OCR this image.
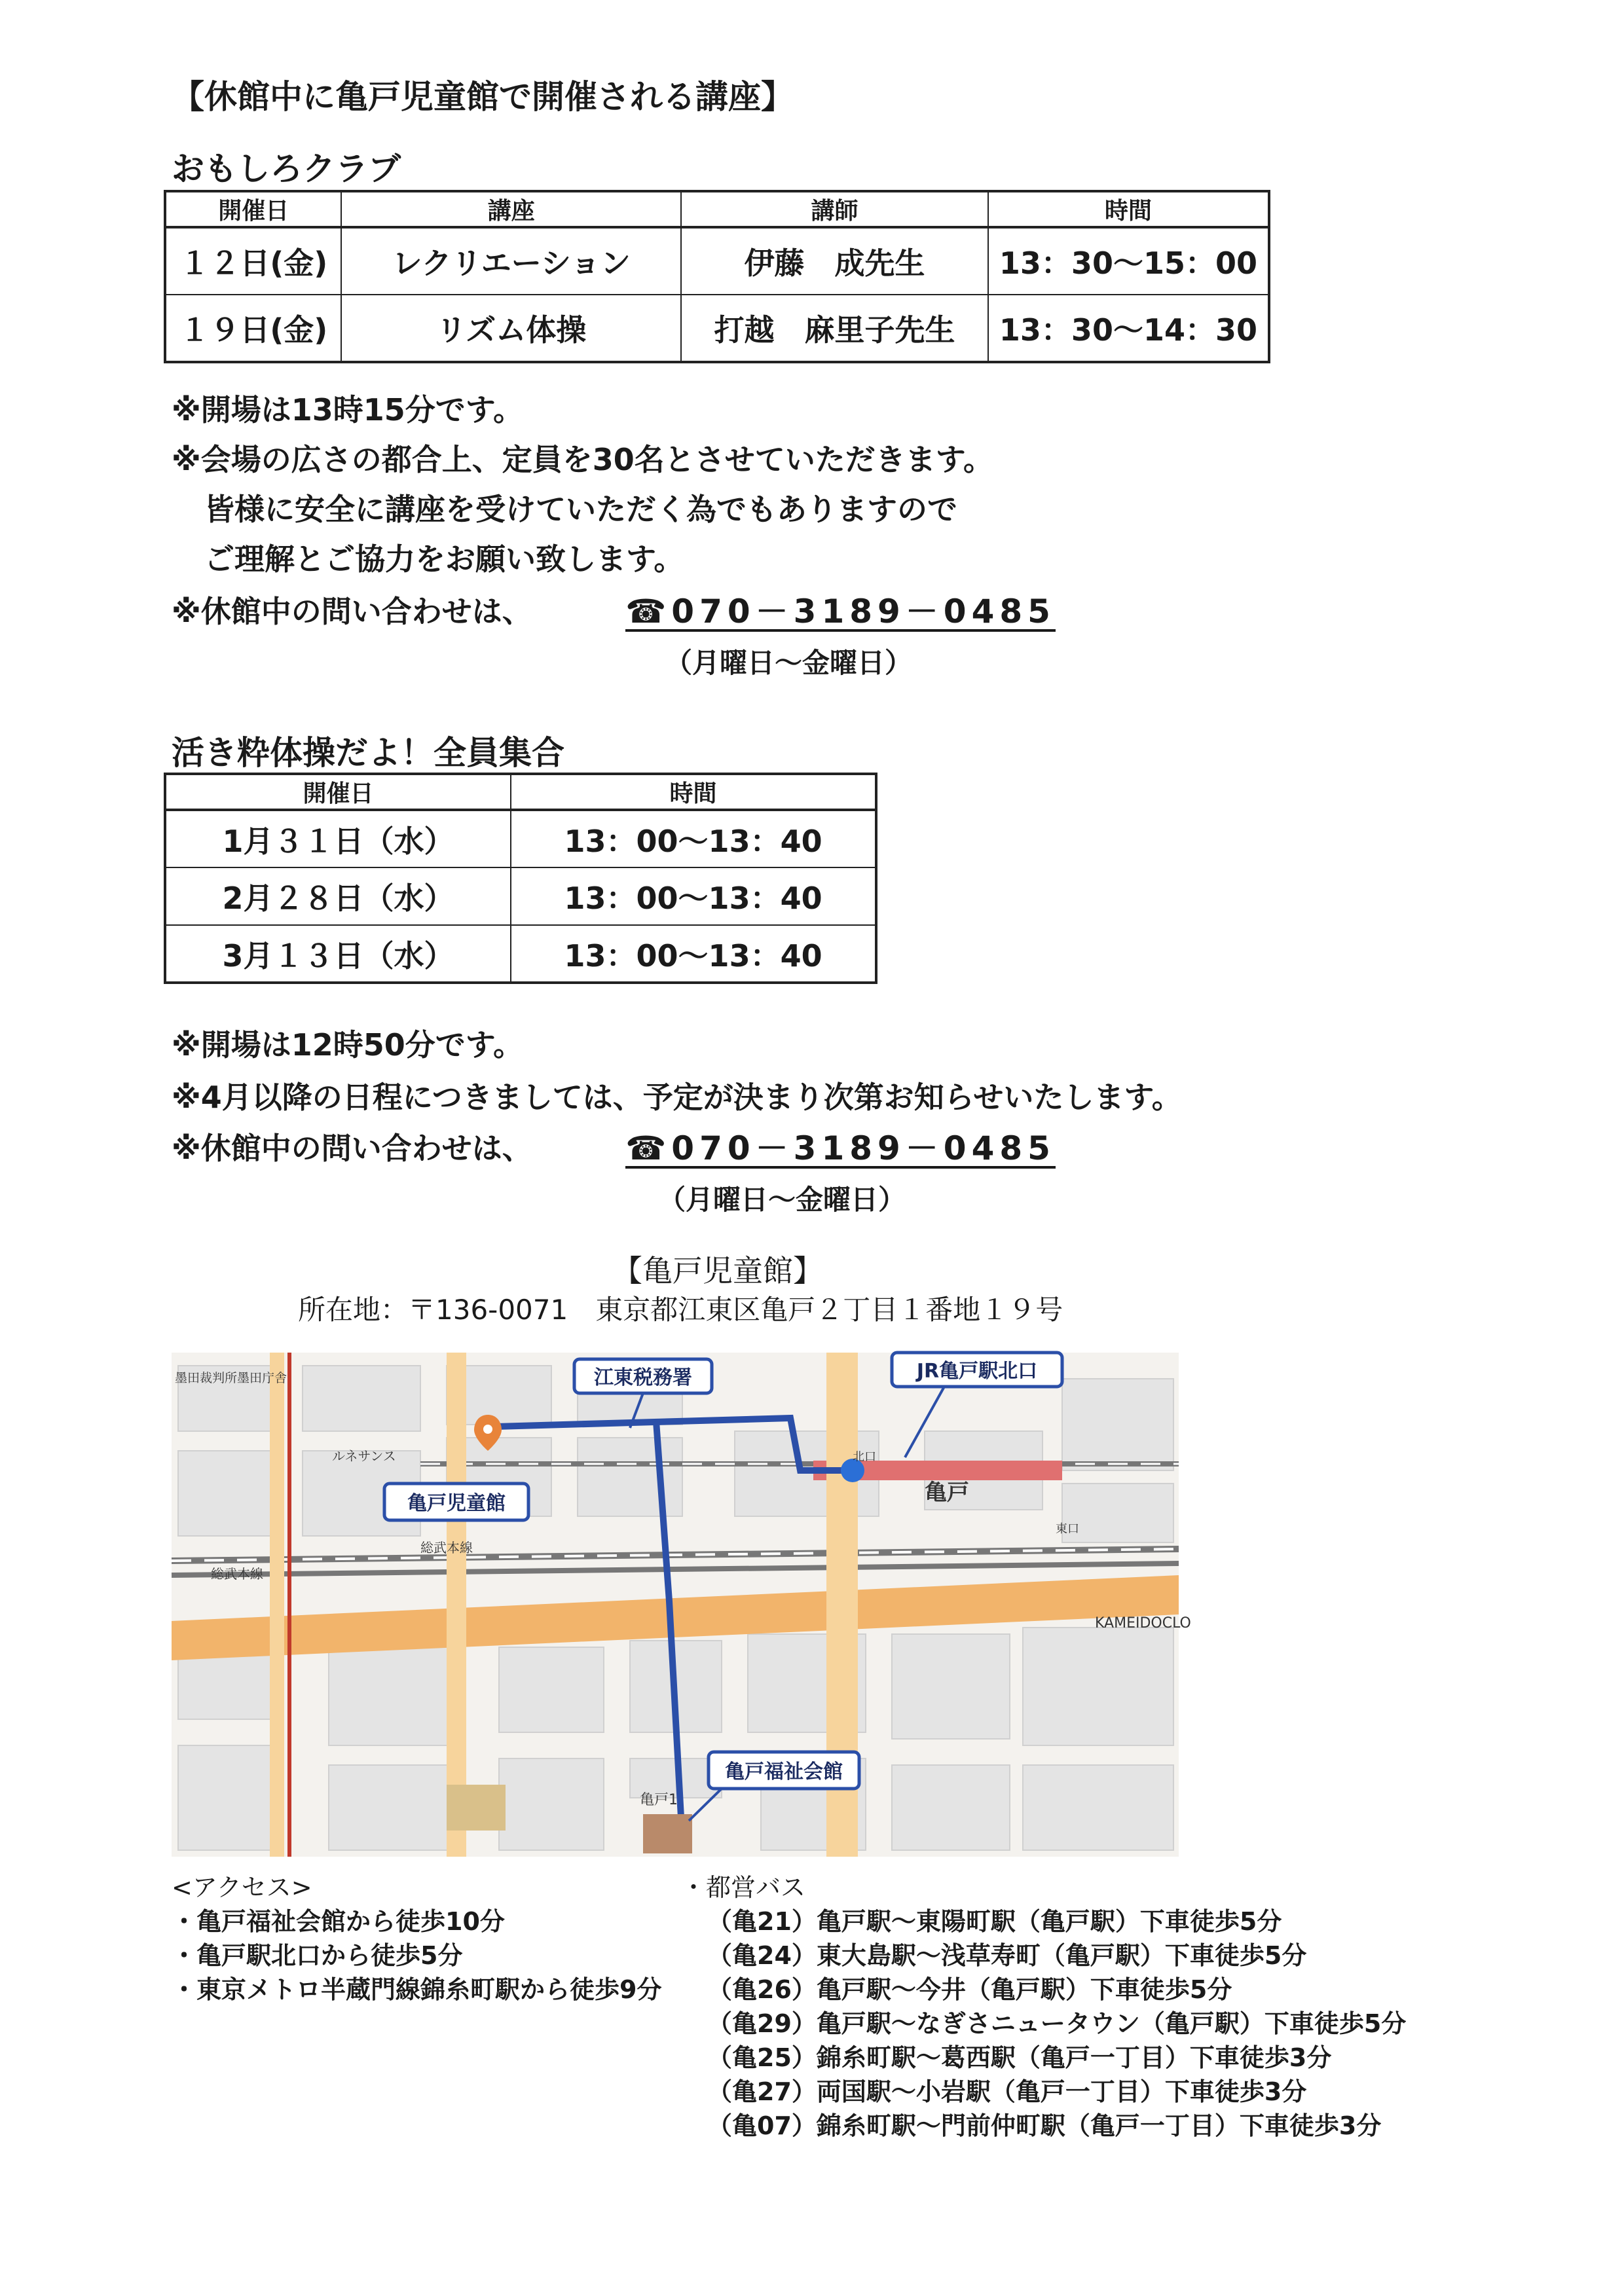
【休館中に亀戸児童館で開催される講座】
おもしろクラブ
開催日	講座	講師	時間
１２日(金)	レクリエーション	伊藤　成先生	13：30～15：00
１９日(金)	リズム体操	打越　麻里子先生	13：30～14：30
※開場は13時15分です。
※会場の広さの都合上、定員を30名とさせていただきます。
皆様に安全に講座を受けていただく為でもありますので
ご理解とご協力をお願い致します。
※休館中の問い合わせは、	☎070－3189－0485
（月曜日～金曜日）
活き粋体操だよ！全員集合
開催日	時間
1月３１日（水）	13：00～13：40
2月２８日（水）	13：00～13：40
3月１３日（水）	13：00～13：40
※開場は12時50分です。
※4月以降の日程につきましては、予定が決まり次第お知らせいたします。
※休館中の問い合わせは、	☎070－3189－0485
（月曜日～金曜日）
【亀戸児童館】
所在地：〒136-0071　東京都江東区亀戸２丁目１番地１９号
江東税務署	JR亀戸駅北口
亀戸児童館
亀戸福祉会館
亀戸
総武本線
総武本線
KAMEIDOCLO
亀戸1
ルネサンス
墨田裁判所墨田庁舎
北口
東口
<アクセス>
・亀戸福祉会館から徒歩10分
・亀戸駅北口から徒歩5分
・東京メトロ半蔵門線錦糸町駅から徒歩9分
・都営バス
（亀21）亀戸駅～東陽町駅（亀戸駅）下車徒歩5分
（亀24）東大島駅～浅草寿町（亀戸駅）下車徒歩5分
（亀26）亀戸駅～今井（亀戸駅）下車徒歩5分
（亀29）亀戸駅～なぎさニュータウン（亀戸駅）下車徒歩5分
（亀25）錦糸町駅～葛西駅（亀戸一丁目）下車徒歩3分
（亀27）両国駅～小岩駅（亀戸一丁目）下車徒歩3分
（亀07）錦糸町駅～門前仲町駅（亀戸一丁目）下車徒歩3分
